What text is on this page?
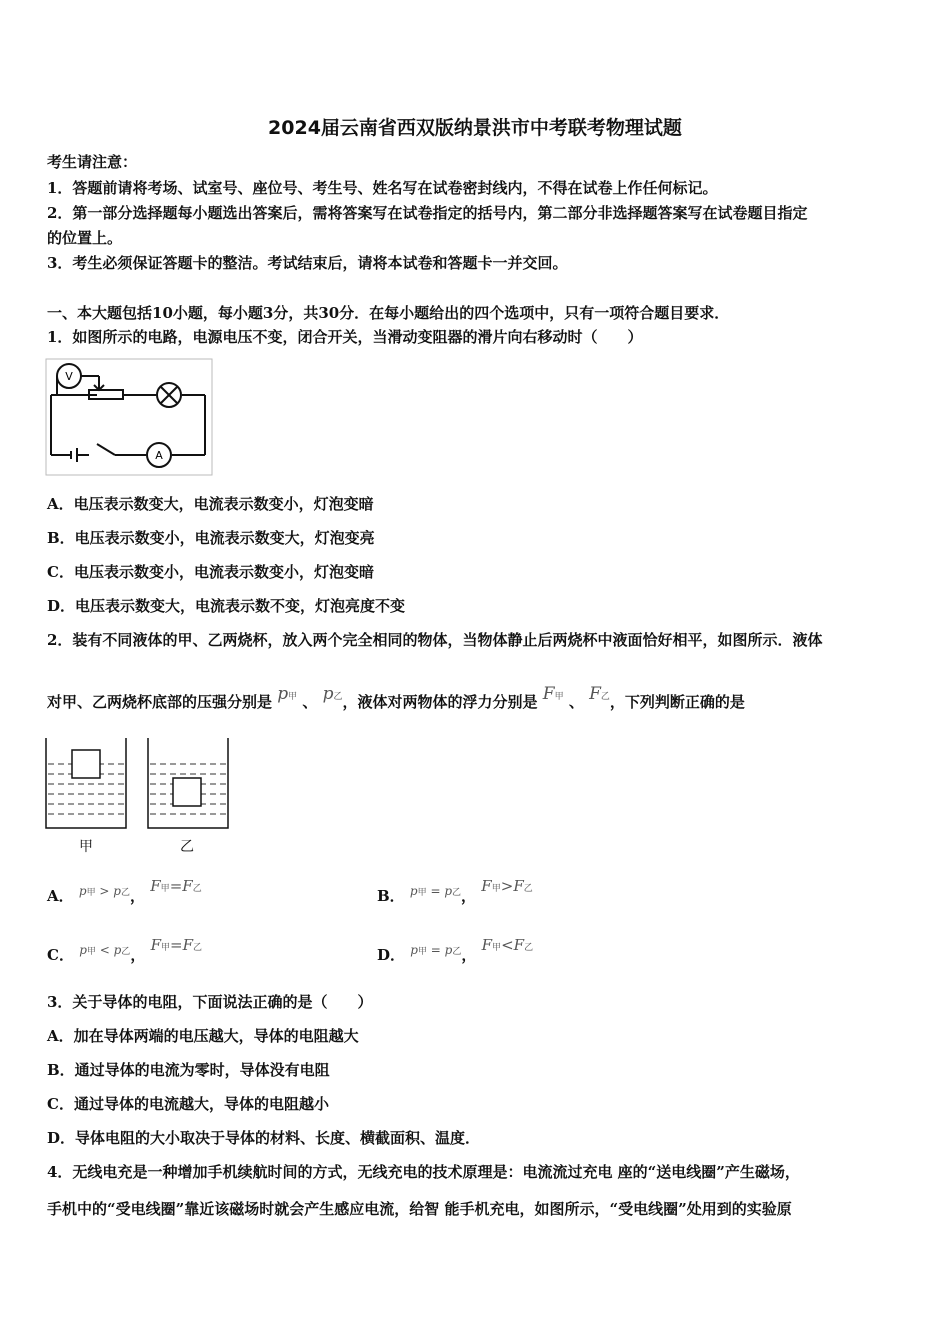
2024届云南省西双版纳景洪市中考联考物理试题
考生请注意：
1．答题前请将考场、试室号、座位号、考生号、姓名写在试卷密封线内，不得在试卷上作任何标记。
2．第一部分选择题每小题选出答案后，需将答案写在试卷指定的括号内，第二部分非选择题答案写在试卷题目指定
的位置上。
3．考生必须保证答题卡的整洁。考试结束后，请将本试卷和答题卡一并交回。
一、本大题包括10小题，每小题3分，共30分．在每小题给出的四个选项中，只有一项符合题目要求．
1．如图所示的电路，电源电压不变，闭合开关，当滑动变阻器的滑片向右移动时（　　）
V
A
A．电压表示数变大，电流表示数变小，灯泡变暗
B．电压表示数变小，电流表示数变大，灯泡变亮
C．电压表示数变小，电流表示数变小，灯泡变暗
D．电压表示数变大，电流表示数不变，灯泡亮度不变
2．装有不同液体的甲、乙两烧杯，放入两个完全相同的物体，当物体静止后两烧杯中液面恰好相平，如图所示．液体
对甲、乙两烧杯底部的压强分别是 p甲 、 p乙，液体对两物体的浮力分别是 F甲 、 F乙，下列判断正确的是
甲	乙
A． $^{p甲 > p乙}$， F甲=F乙	B． $^{p甲 = p乙}$， F甲>F乙
C． $^{p甲 < p乙}$， F甲=F乙	D． $^{p甲 = p乙}$， F甲<F乙
3．关于导体的电阻，下面说法正确的是（　　）
A．加在导体两端的电压越大，导体的电阻越大
B．通过导体的电流为零时，导体没有电阻
C．通过导体的电流越大，导体的电阻越小
D．导体电阻的大小取决于导体的材料、长度、横截面积、温度．
4．无线电充是一种增加手机续航时间的方式，无线充电的技术原理是：电流流过充电 座的“送电线圈”产生磁场，
手机中的“受电线圈”靠近该磁场时就会产生感应电流，给智 能手机充电，如图所示，“受电线圈”处用到的实验原
